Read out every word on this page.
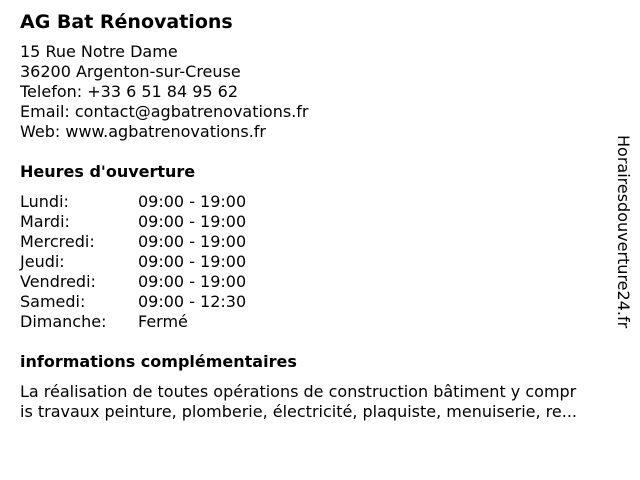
AG Bat Rénovations
15 Rue Notre Dame
36200 Argenton-sur-Creuse
Telefon: +33 6 51 84 95 62
Email: contact@agbatrenovations.fr
Web: www.agbatrenovations.fr
Heures d'ouverture
Lundi:	09:00 - 19:00
Mardi:	09:00 - 19:00
Mercredi:	09:00 - 19:00
Jeudi:	09:00 - 19:00
Vendredi:	09:00 - 19:00
Samedi:	09:00 - 12:30
Dimanche: Fermé
informations complémentaires
La réalisation de toutes opérations de construction bâtiment y compr
is travaux peinture, plomberie, électricité, plaquiste, menuiserie, re...
Horairesdouverture24.fr
